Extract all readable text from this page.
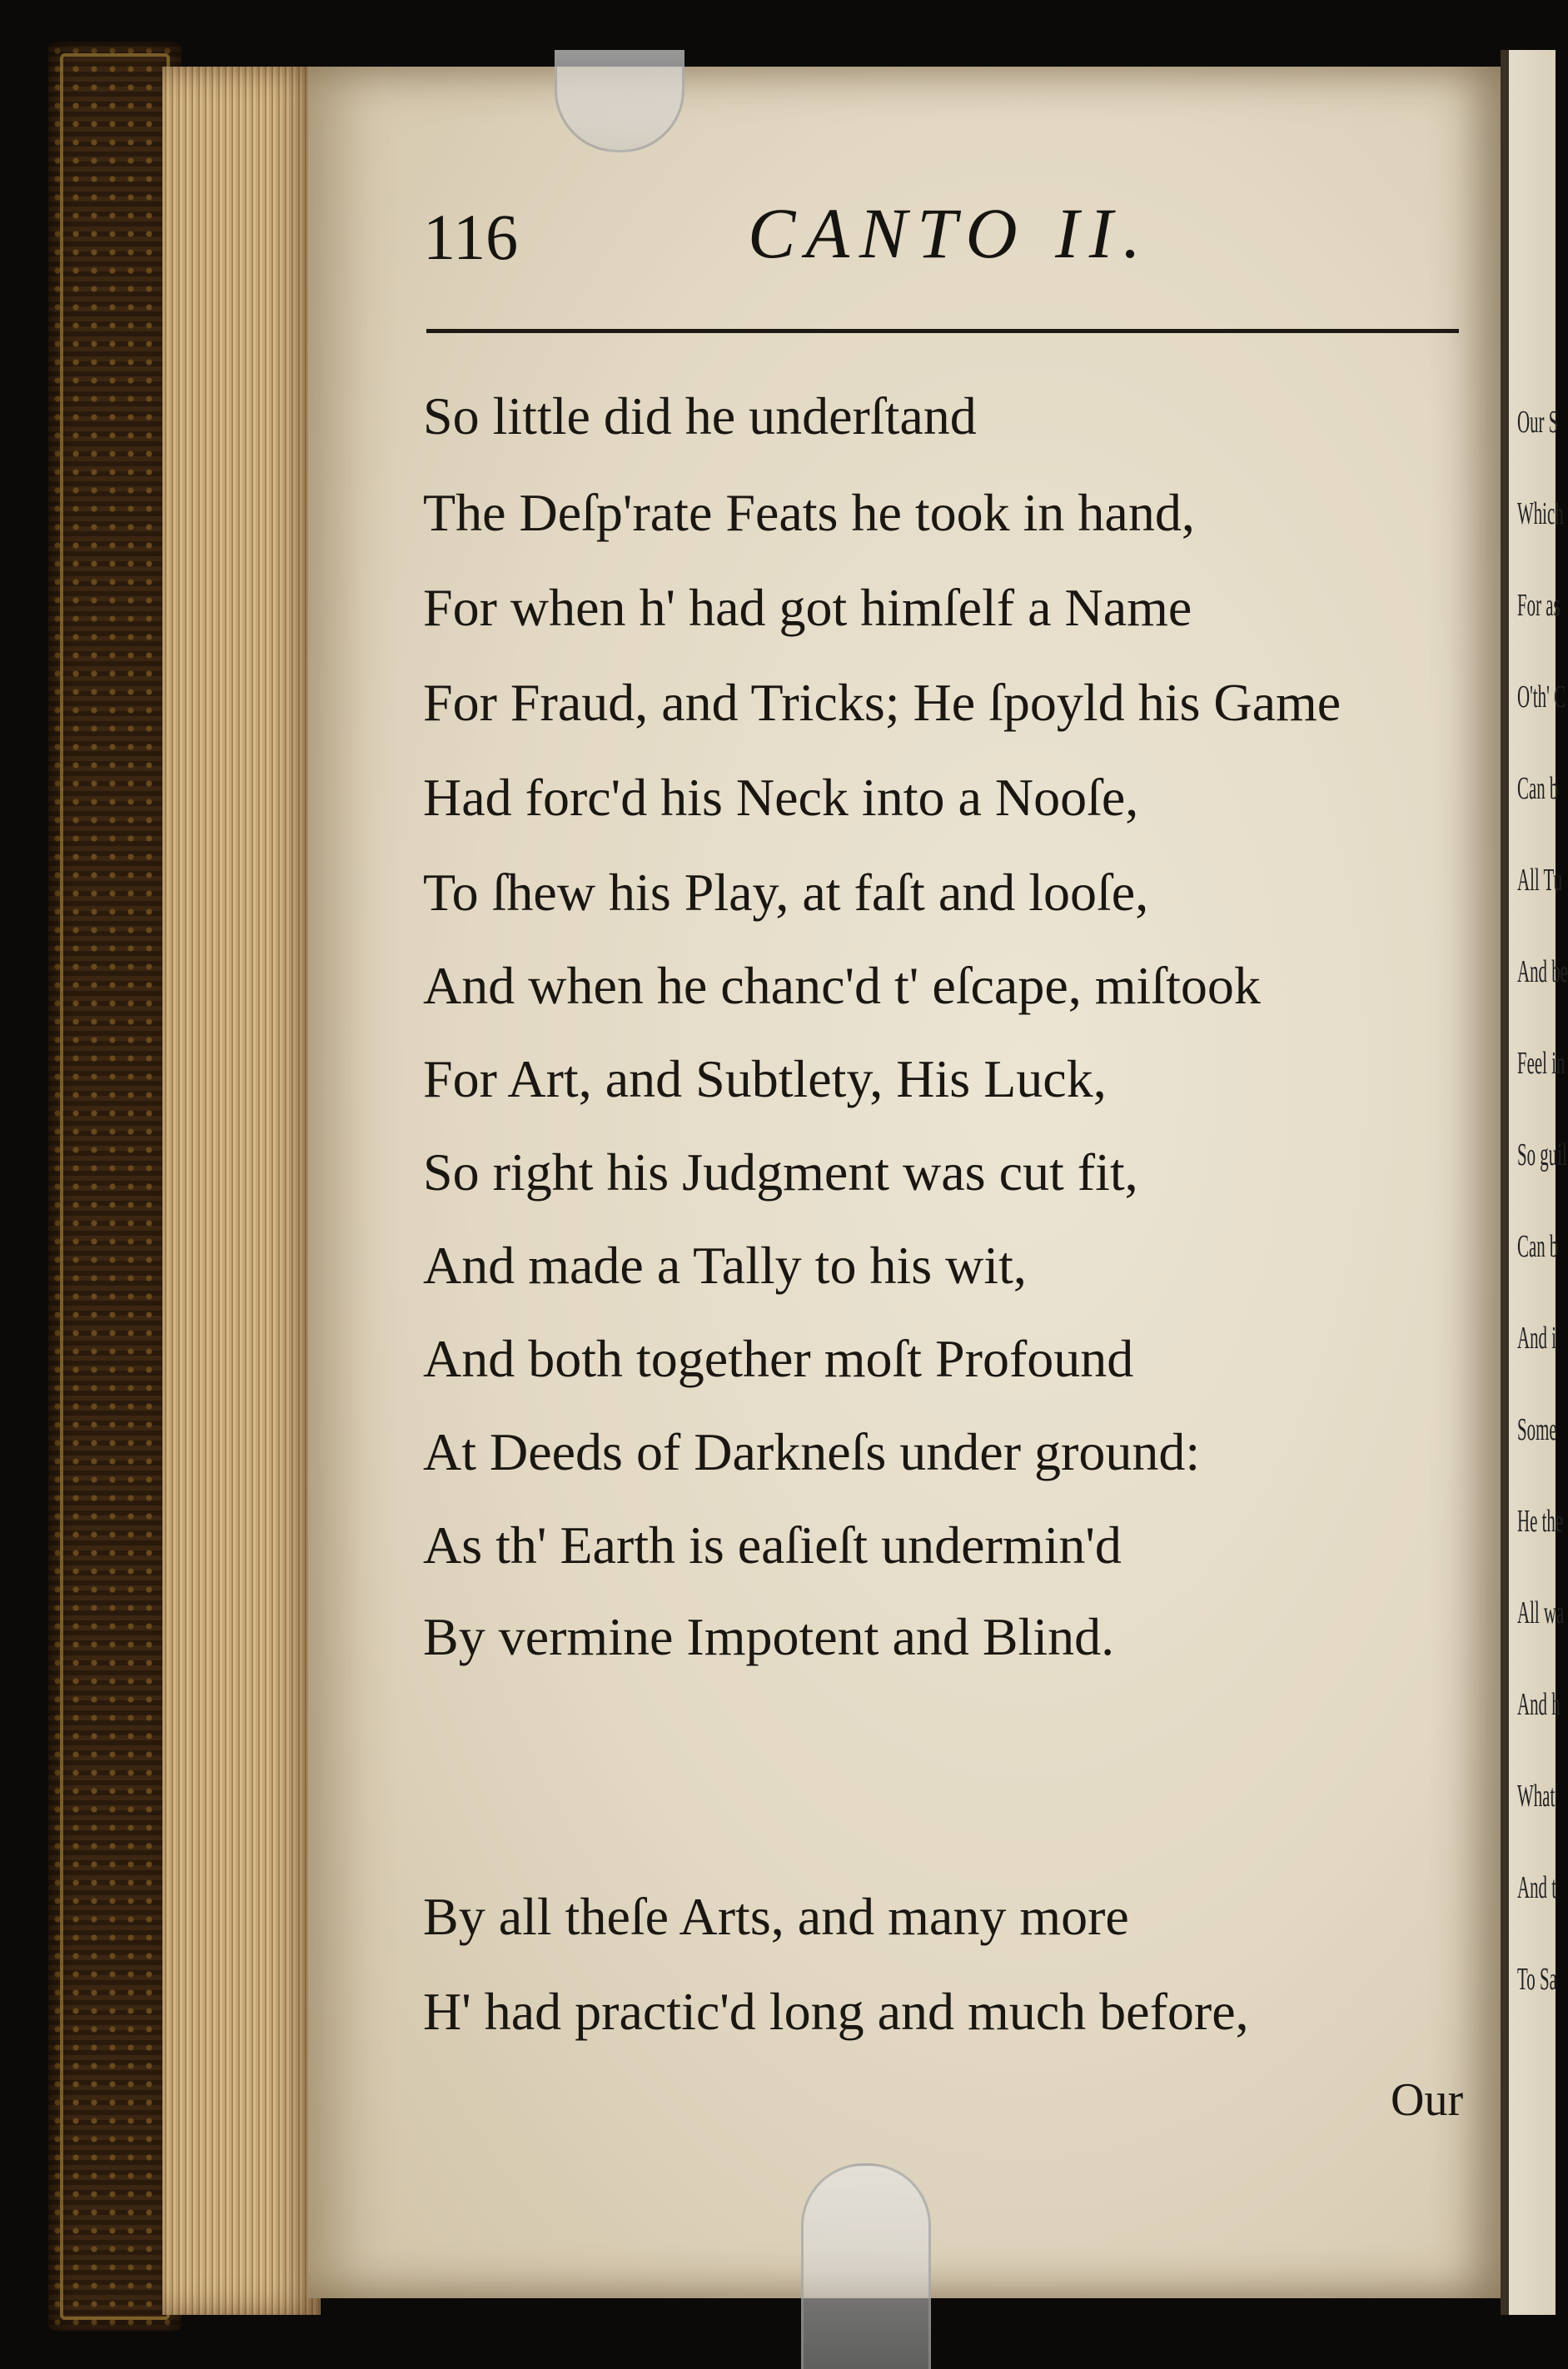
116	CANTO II.
So little did he underſtand
The Deſp'rate Feats he took in hand,
For when h' had got himſelf a Name
For Fraud, and Tricks; He ſpoyld his Game
Had forc'd his Neck into a Nooſe,
To ſhew his Play, at faſt and looſe,
And when he chanc'd t' eſcape, miſtook
For Art, and Subtlety, His Luck,
So right his Judgment was cut fit,
And made a Tally to his wit,
And both together moſt Profound
At Deeds of Darkneſs under ground:
As th' Earth is eaſieſt undermin'd
By vermine Impotent and Blind.
By all theſe Arts, and many more
H' had practic'd long and much before,
Our
Our S
Which
For as
O'th' C
Can b
All Tu
And be
Feel in
So guil
Can b
And i
Some
He the
All wa
And h
What
And t
To Sa
